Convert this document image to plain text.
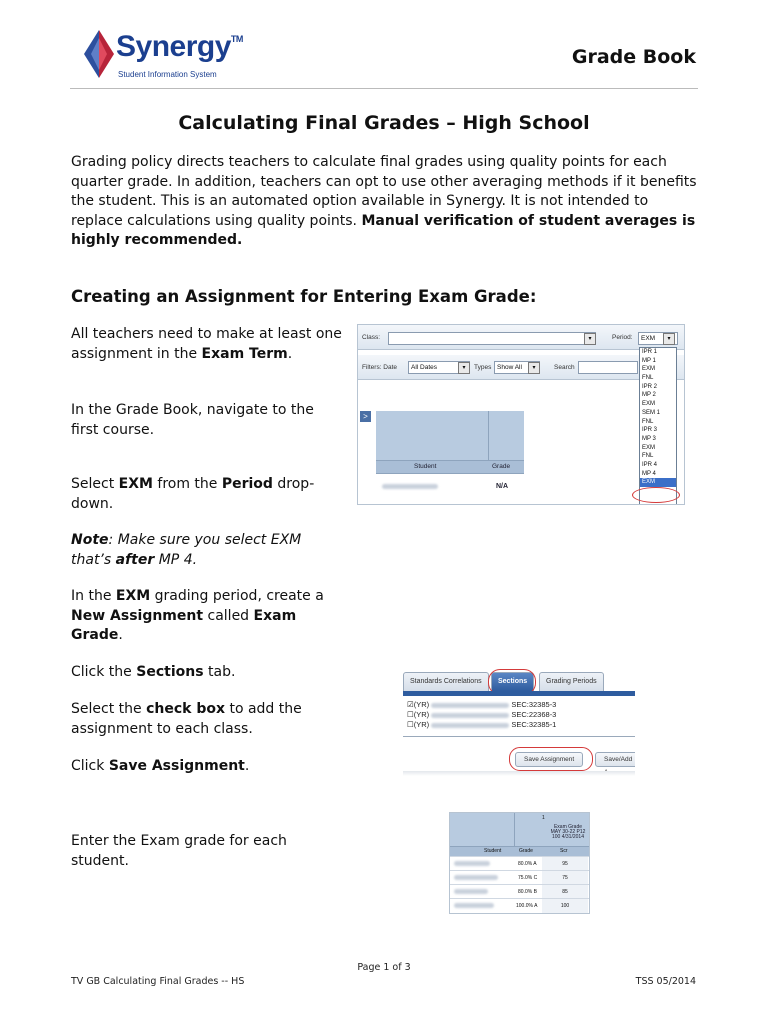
Synergy™
Student Information System
Grade Book
Calculating Final Grades – High School
Grading policy directs teachers to calculate final grades using quality points for each quarter grade. In addition, teachers can opt to use other averaging methods if it benefits the student. This is an automated option available in Synergy. It is not intended to replace calculations using quality points. Manual verification of student averages is highly recommended.
Creating an Assignment for Entering Exam Grade:
All teachers need to make at least one assignment in the Exam Term.
In the Grade Book, navigate to the first course.
Select EXM from the Period drop-down.
Note: Make sure you select EXM that’s after MP 4.
In the EXM grading period, create a New Assignment called Exam Grade.
Click the Sections tab.
Select the check box to add the assignment to each class.
Click Save Assignment.
Enter the Exam grade for each student.
Class:	▾	Period:	EXM	▾
Filters: Date	All Dates	▾	Types Show All	▾	Search
>
Student	Grade
N/A
IPR 1
MP 1
EXM
FNL
IPR 2
MP 2
EXM
SEM 1
FNL
IPR 3
MP 3
EXM
FNL
IPR 4
MP 4
EXM
Standards Correlations	Sections	Grading Periods
☑(YR)	SEC:32385-3
☐(YR)	SEC:22368-3
☐(YR)	SEC:32385-1
Save Assignment	Save/Add
1
Exam Grade MAY 30-22 P12 100 4/31/2014
Student	Grade	Scr
80.0% A	95
75.0% C	75
80.0% B	85
100.0% A	100
Page 1 of 3
TV GB Calculating Final Grades -- HS	TSS 05/2014
